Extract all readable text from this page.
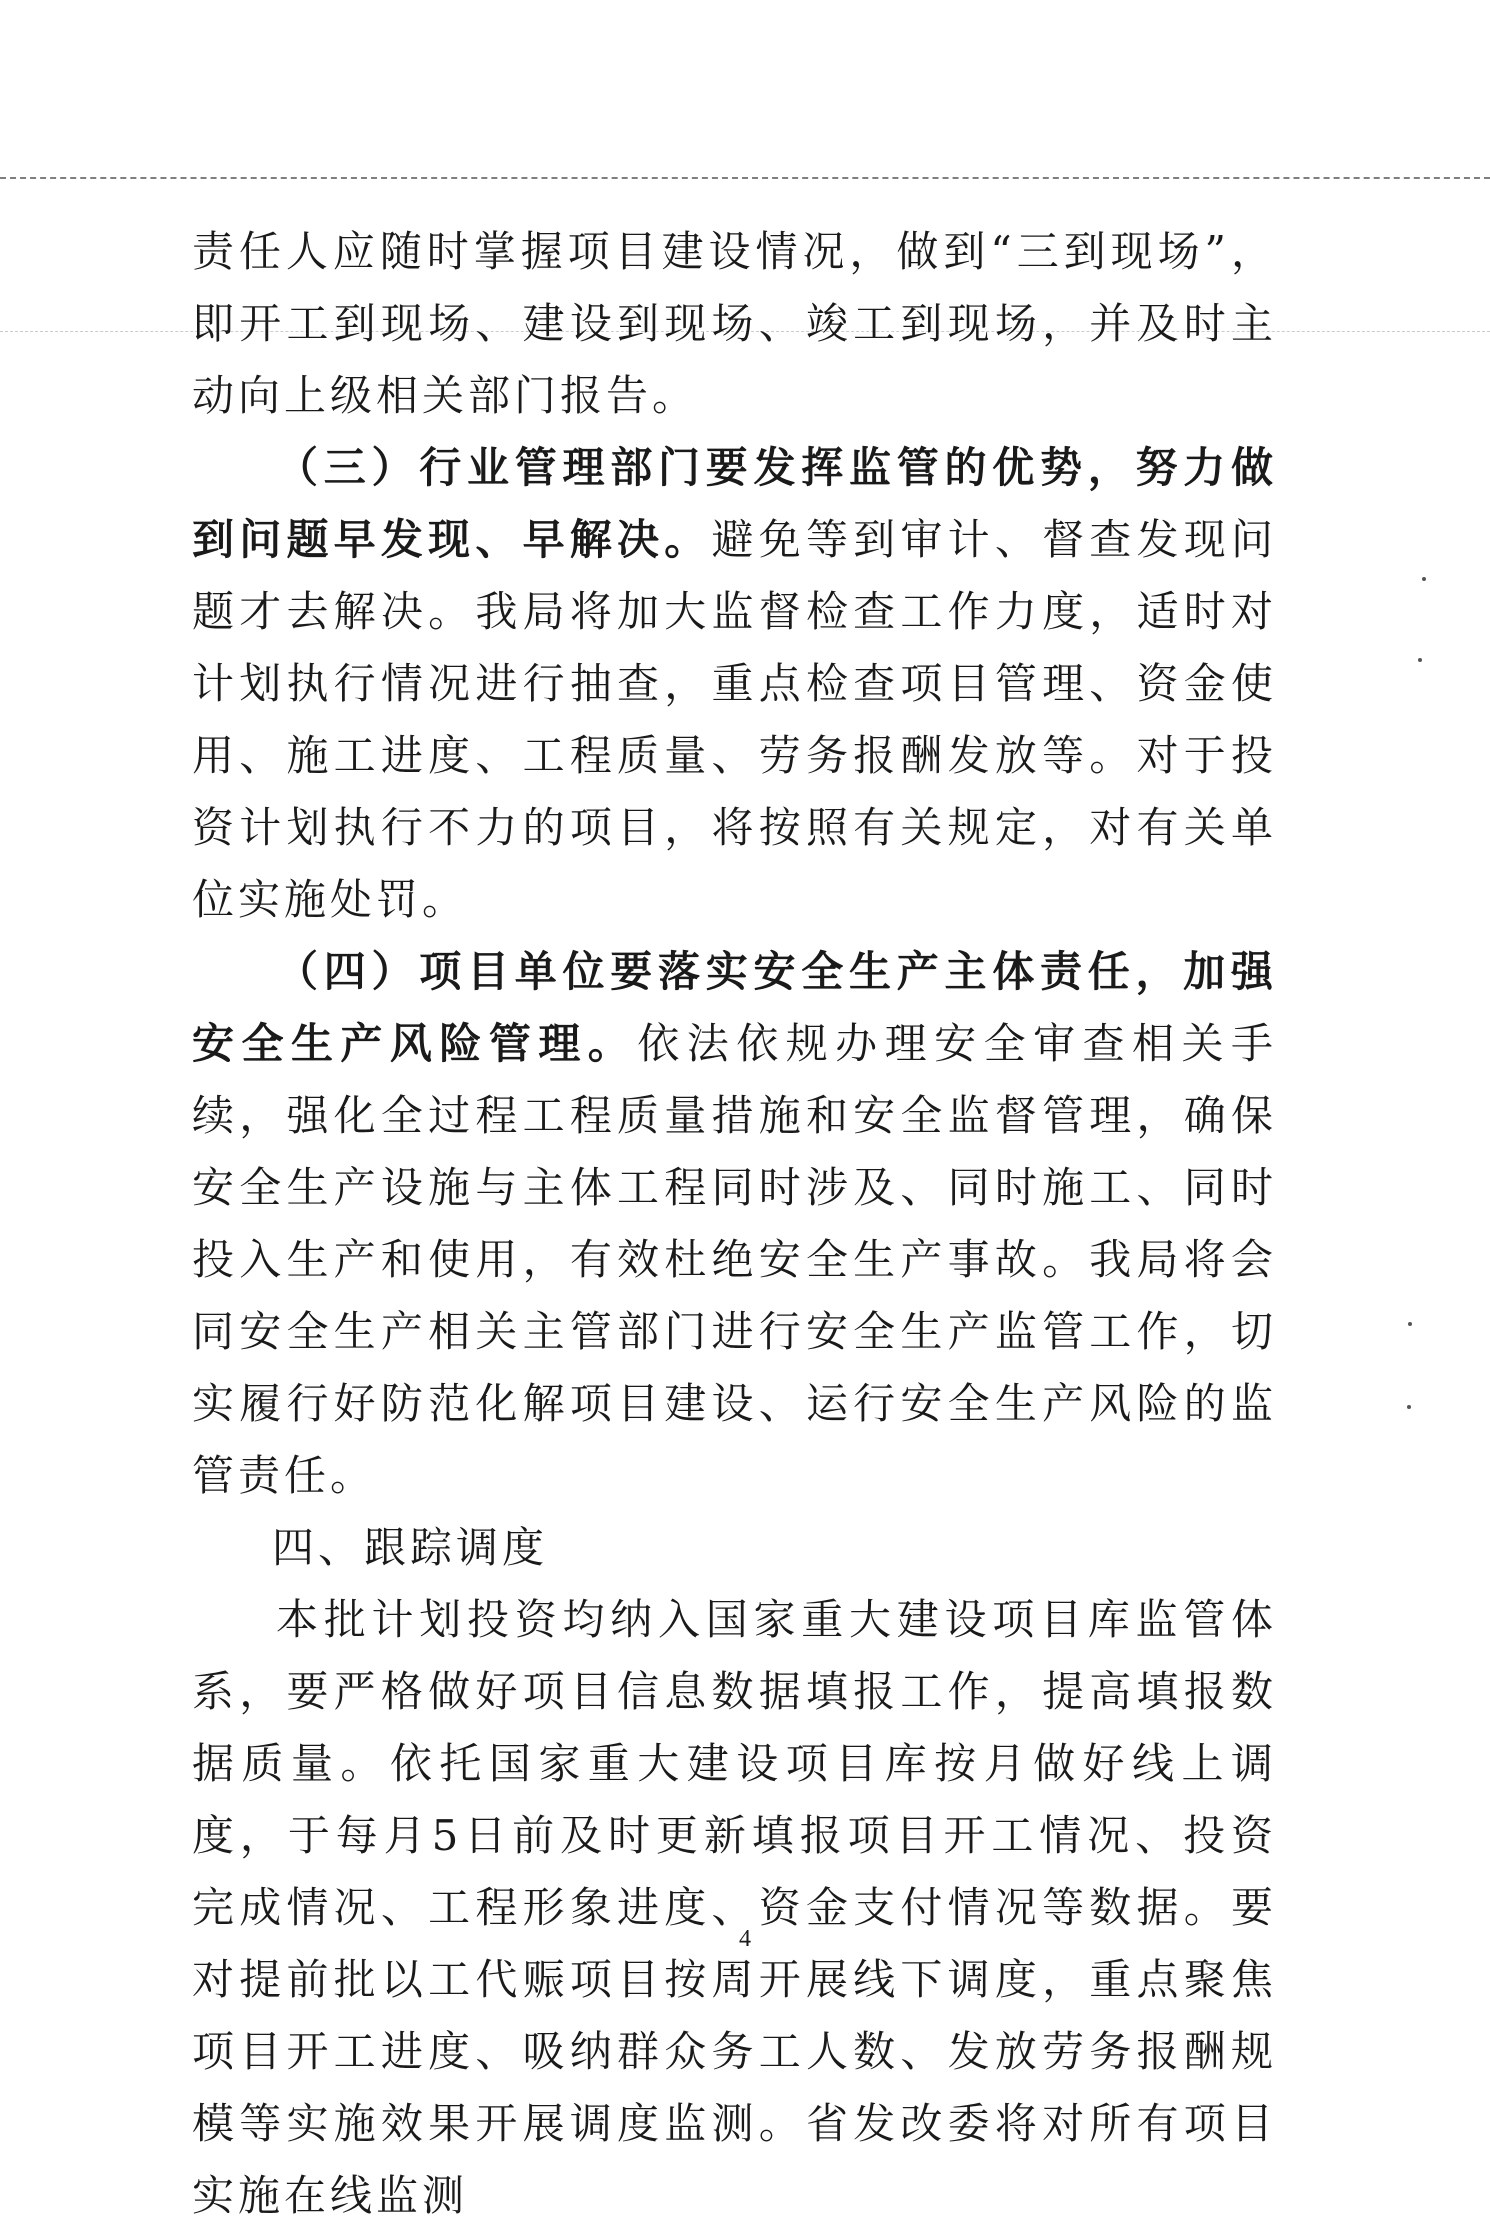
责任人应随时掌握项目建设情况，做到“三到现场”，即开工到现场、建设到现场、竣工到现场，并及时主动向上级相关部门报告。

（三）行业管理部门要发挥监管的优势，努力做到问题早发现、早解决。避免等到审计、督查发现问题才去解决。我局将加大监督检查工作力度，适时对计划执行情况进行抽查，重点检查项目管理、资金使用、施工进度、工程质量、劳务报酬发放等。对于投资计划执行不力的项目，将按照有关规定，对有关单位实施处罚。

（四）项目单位要落实安全生产主体责任，加强安全生产风险管理。依法依规办理安全审查相关手续，强化全过程工程质量措施和安全监督管理，确保安全生产设施与主体工程同时涉及、同时施工、同时投入生产和使用，有效杜绝安全生产事故。我局将会同安全生产相关主管部门进行安全生产监管工作，切实履行好防范化解项目建设、运行安全生产风险的监管责任。

四、跟踪调度

本批计划投资均纳入国家重大建设项目库监管体系，要严格做好项目信息数据填报工作，提高填报数据质量。依托国家重大建设项目库按月做好线上调度，于每月5日前及时更新填报项目开工情况、投资完成情况、工程形象进度、资金支付情况等数据。要对提前批以工代赈项目按周开展线下调度，重点聚焦项目开工进度、吸纳群众务工人数、发放劳务报酬规模等实施效果开展调度监测。省发改委将对所有项目实施在线监测

4
